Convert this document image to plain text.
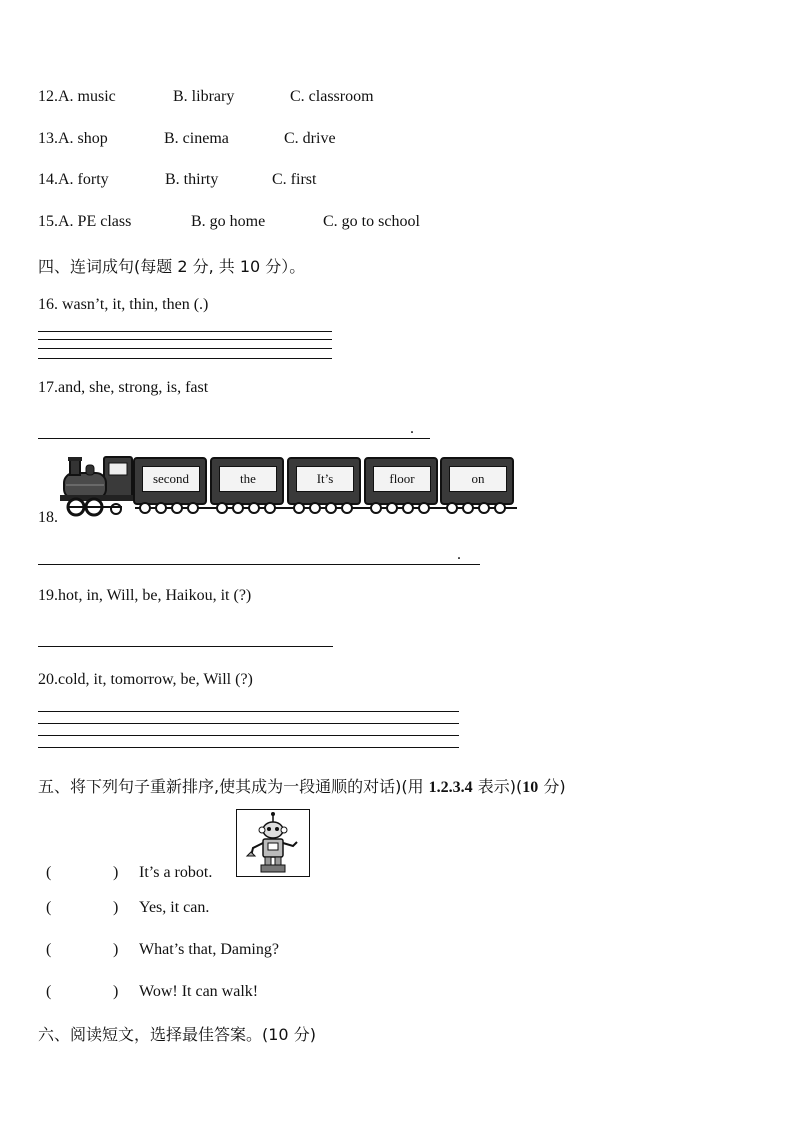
12.A. music	B. library	C. classroom
13.A. shop	B. cinema	C. drive
14.A. forty	B. thirty	C. first
15.A. PE class	B. go home	C. go to school
四、连词成句(每题 2 分, 共 10 分）。
16. wasn’t, it, thin, then (.)
17.and, she, strong, is, fast
.
18.
second	the	It’s	floor	on
.
19.hot, in, Will, be, Haikou, it (?)
20.cold, it, tomorrow, be, Will (?)
五、将下列句子重新排序,使其成为一段通顺的对话)(用 1.2.3.4 表示)(10 分)
(	) It’s a robot.
(	) Yes, it can.
(	) What’s that, Daming?
(	) Wow! It can walk!
六、阅读短文，选择最佳答案。(10 分)
